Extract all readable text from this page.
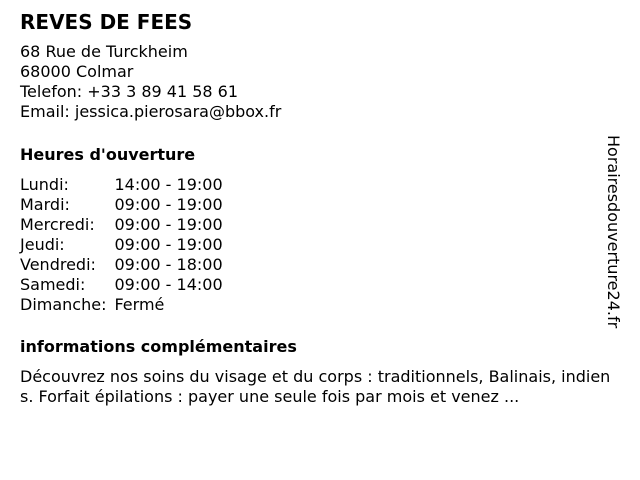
REVES DE FEES
68 Rue de Turckheim
68000 Colmar
Telefon: +33 3 89 41 58 61
Email: jessica.pierosara@bbox.fr
Heures d'ouverture
Lundi:	14:00 - 19:00
Mardi:	09:00 - 19:00
Mercredi:	09:00 - 19:00
Jeudi:	09:00 - 19:00
Vendredi:	09:00 - 18:00
Samedi:	09:00 - 14:00
Dimanche:	Fermé
informations complémentaires
Découvrez nos soins du visage et du corps : traditionnels, Balinais, indiens. Forfait épilations : payer une seule fois par mois et venez ...
Horairesdouverture24.fr
